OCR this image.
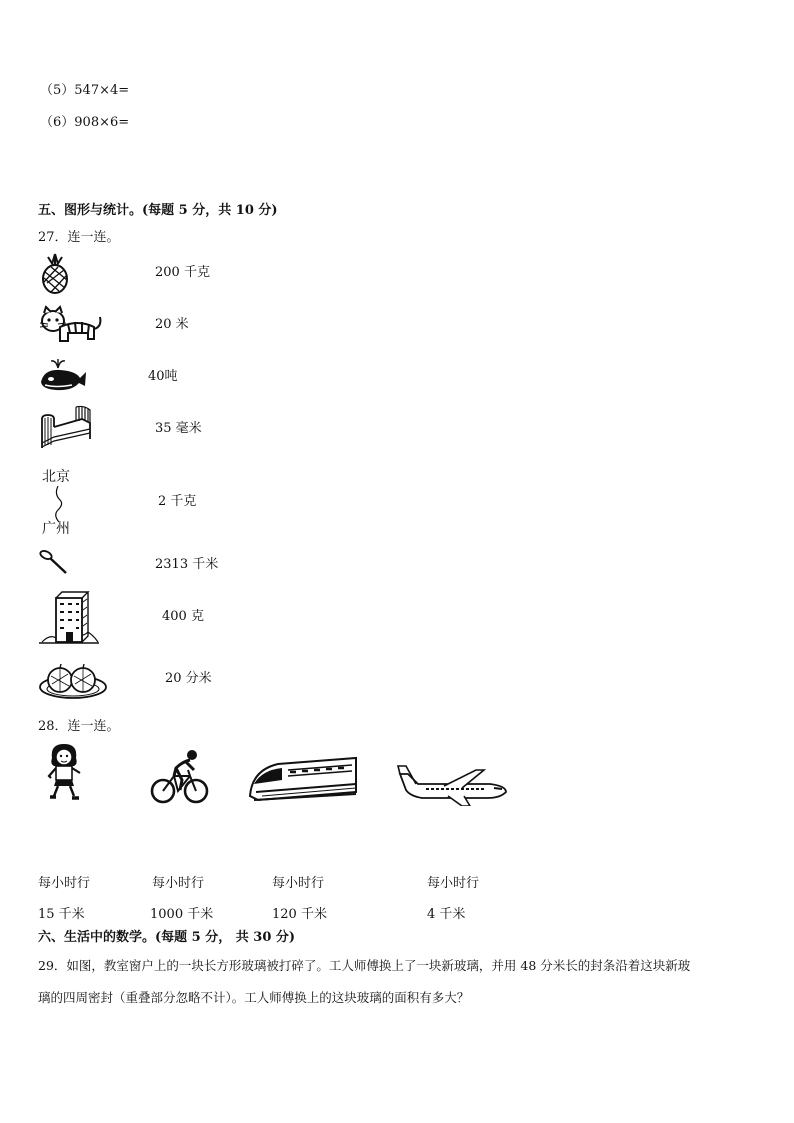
（5）547×4=
（6）908×6=
五、图形与统计。(每题 5 分，共 10 分)
27．连一连。
200 千克
20 米
40吨
35 毫米
北京
广州
2 千克
2313 千米
400 克
20 分米
28．连一连。
每小时行	每小时行	每小时行	每小时行
15 千米	1000 千米	120 千米	4 千米
六、生活中的数学。(每题 5 分， 共 30 分)
29．如图，教室窗户上的一块长方形玻璃被打碎了。工人师傅换上了一块新玻璃，并用 48 分米长的封条沿着这块新玻
璃的四周密封（重叠部分忽略不计）。工人师傅换上的这块玻璃的面积有多大？
